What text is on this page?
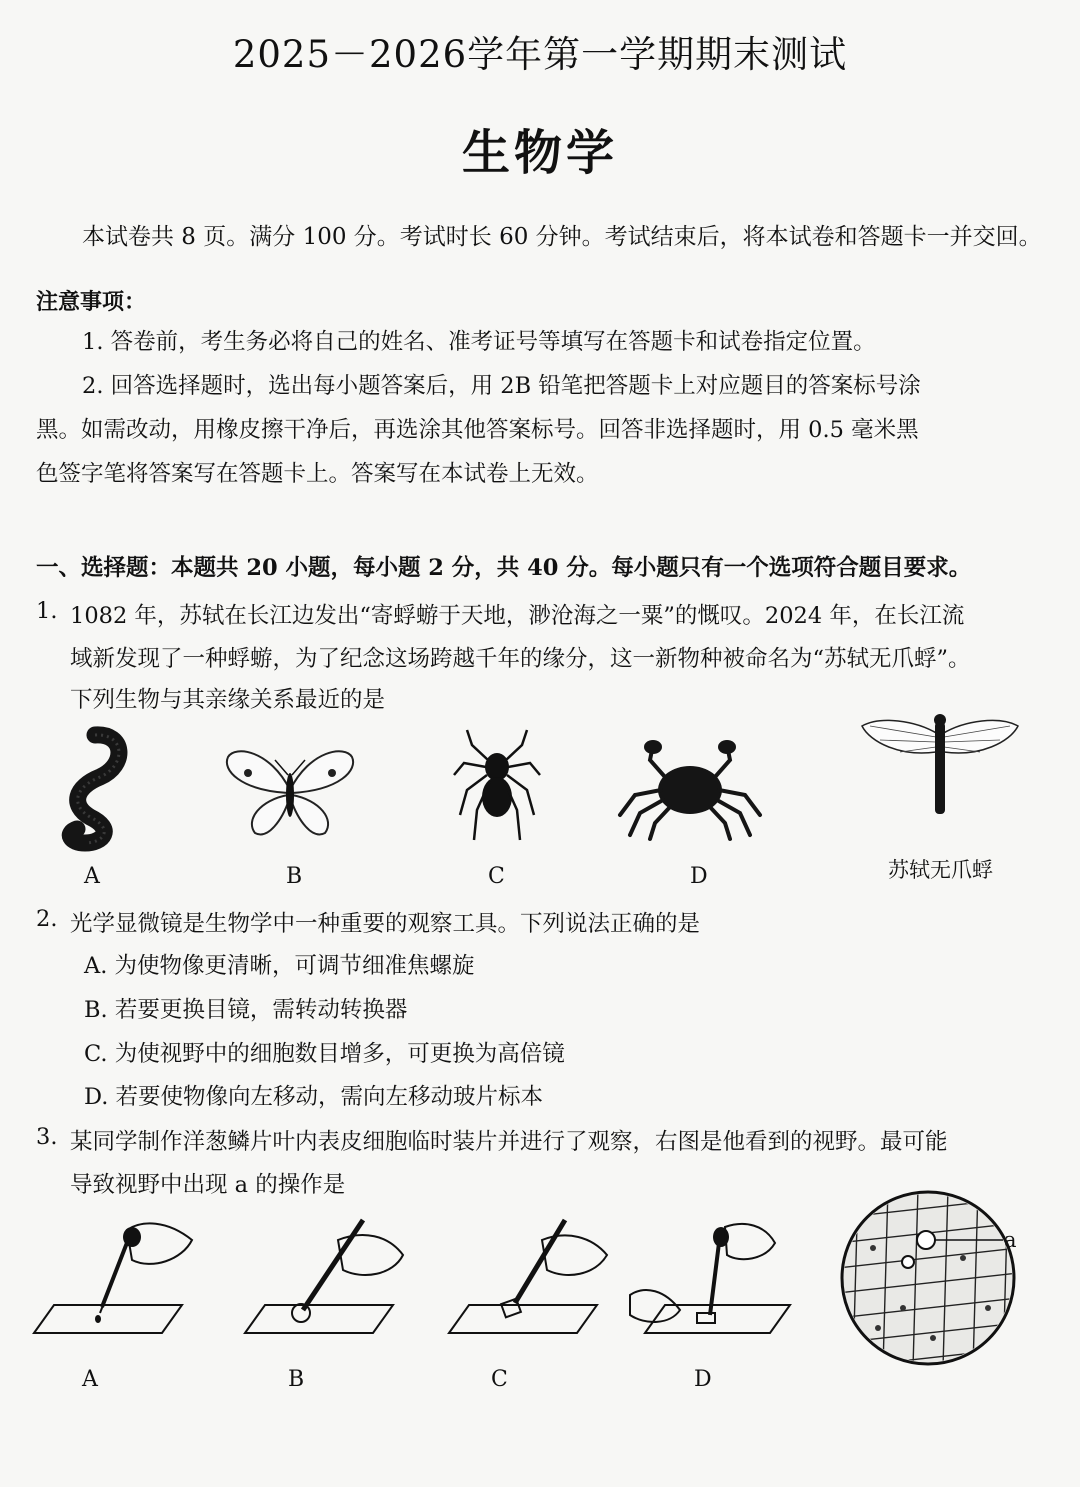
2025－2026学年第一学期期末测试
生物学
本试卷共 8 页。满分 100 分。考试时长 60 分钟。考试结束后，将本试卷和答题卡一并交回。
注意事项：
1. 答卷前，考生务必将自己的姓名、准考证号等填写在答题卡和试卷指定位置。
2. 回答选择题时，选出每小题答案后，用 2B 铅笔把答题卡上对应题目的答案标号涂
黑。如需改动，用橡皮擦干净后，再选涂其他答案标号。回答非选择题时，用 0.5 毫米黑
色签字笔将答案写在答题卡上。答案写在本试卷上无效。
一、选择题：本题共 20 小题，每小题 2 分，共 40 分。每小题只有一个选项符合题目要求。
1. 1082 年，苏轼在长江边发出“寄蜉蝣于天地，渺沧海之一粟”的慨叹。2024 年，在长江流
域新发现了一种蜉蝣，为了纪念这场跨越千年的缘分，这一新物种被命名为“苏轼无爪蜉”。
下列生物与其亲缘关系最近的是
A	B	C	D	苏轼无爪蜉
2. 光学显微镜是生物学中一种重要的观察工具。下列说法正确的是
A. 为使物像更清晰，可调节细准焦螺旋
B. 若要更换目镜，需转动转换器
C. 为使视野中的细胞数目增多，可更换为高倍镜
D. 若要使物像向左移动，需向左移动玻片标本
3. 某同学制作洋葱鳞片叶内表皮细胞临时装片并进行了观察，右图是他看到的视野。最可能
导致视野中出现 a 的操作是
a
A	B	C	D
